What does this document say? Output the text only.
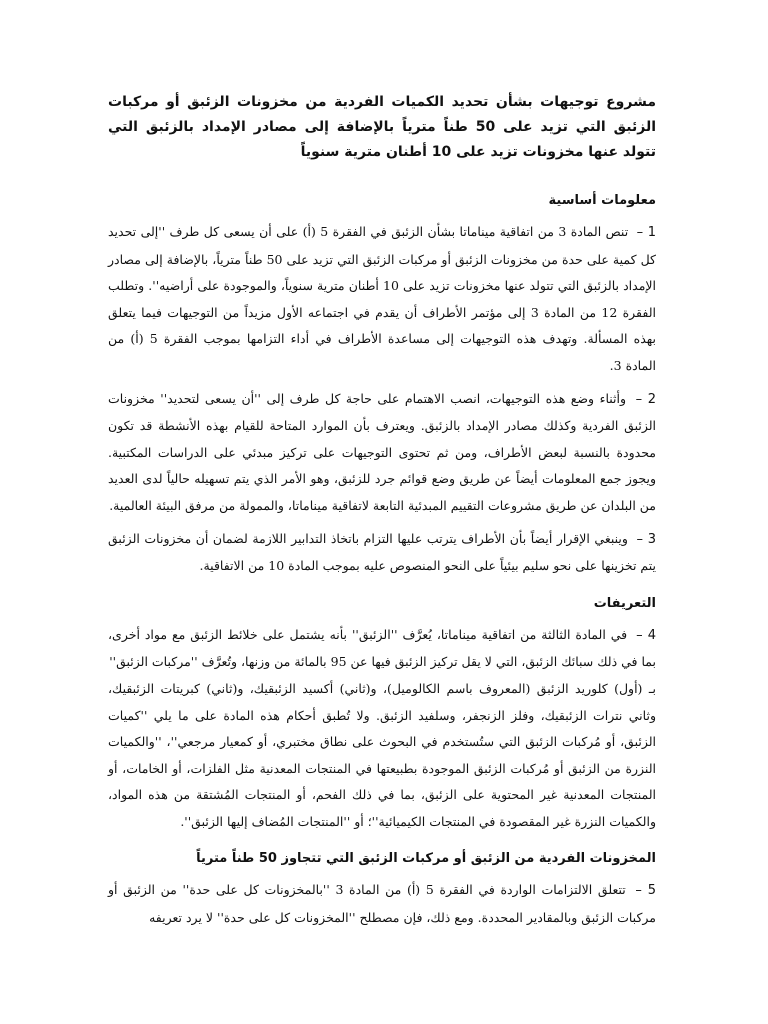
مشروع توجيهات بشأن تحديد الكميات الفردية من مخزونات الزئبق أو مركبات الزئبق التي تزيد على 50 طناً مترياً بالإضافة إلى مصادر الإمداد بالزئبق التي تتولد عنها مخزونات تزيد على 10 أطنان مترية سنوياً
معلومات أساسية

1 – تنص المادة 3 من اتفاقية ميناماتا بشأن الزئبق في الفقرة 5 (أ) على أن يسعى كل طرف ''إلى تحديد كل كمية على حدة من مخزونات الزئبق أو مركبات الزئبق التي تزيد على 50 طناً مترياً، بالإضافة إلى مصادر الإمداد بالزئبق التي تتولد عنها مخزونات تزيد على 10 أطنان مترية سنوياً، والموجودة على أراضيه''. وتطلب الفقرة 12 من المادة 3 إلى مؤتمر الأطراف أن يقدم في اجتماعه الأول مزيداً من التوجيهات فيما يتعلق بهذه المسألة. وتهدف هذه التوجيهات إلى مساعدة الأطراف في أداء التزامها بموجب الفقرة 5 (أ) من المادة 3.

2 – وأثناء وضع هذه التوجيهات، انصب الاهتمام على حاجة كل طرف إلى ''أن يسعى لتحديد'' مخزونات الزئبق الفردية وكذلك مصادر الإمداد بالزئبق. ويعترف بأن الموارد المتاحة للقيام بهذه الأنشطة قد تكون محدودة بالنسبة لبعض الأطراف، ومن ثم تحتوى التوجيهات على تركيز مبدئي على الدراسات المكتبية. ويجوز جمع المعلومات أيضاً عن طريق وضع قوائم جرد للزئبق، وهو الأمر الذي يتم تسهيله حالياً لدى العديد من البلدان عن طريق مشروعات التقييم المبدئية التابعة لاتفاقية ميناماتا، والممولة من مرفق البيئة العالمية.

3 – وينبغي الإقرار أيضاً بأن الأطراف يترتب عليها التزام باتخاذ التدابير اللازمة لضمان أن مخزونات الزئبق يتم تخزينها على نحو سليم بيئياً على النحو المنصوص عليه بموجب المادة 10 من الاتفاقية.

التعريفات

4 – في المادة الثالثة من اتفاقية ميناماتا، يُعرَّف ''الزئبق'' بأنه يشتمل على خلائط الزئبق مع مواد أخرى، بما في ذلك سبائك الزئبق، التي لا يقل تركيز الزئبق فيها عن 95 بالمائة من وزنها، وتُعرَّف ''مركبات الزئبق''

بـ (أول) كلوريد الزئبق (المعروف باسم الكالوميل)، و(ثاني) أكسيد الزئبقيك، و(ثاني) كبريتات الزئبقيك، وثاني نترات الزئبقيك، وفلز الزنجفر، وسلفيد الزئبق. ولا تُطبق أحكام هذه المادة على ما يلي ''كميات الزئبق، أو مُركبات الزئبق التي ستُستخدم في البحوث على نطاق مختبري، أو كمعيار مرجعي''، ''والكميات النزرة من الزئبق أو مُركبات الزئبق الموجودة بطبيعتها في المنتجات المعدنية مثل الفلزات، أو الخامات، أو المنتجات المعدنية غير المحتوية على الزئبق، بما في ذلك الفحم، أو المنتجات المُشتقة من هذه المواد، والكميات النزرة غير المقصودة في المنتجات الكيميائية''؛ أو ''المنتجات المُضاف إليها الزئبق''.

المخزونات الفردية من الزئبق أو مركبات الزئبق التي تتجاوز 50 طناً مترياً

5 – تتعلق الالتزامات الواردة في الفقرة 5 (أ) من المادة 3 ''بالمخزونات كل على حدة'' من الزئبق أو مركبات الزئبق وبالمقادير المحددة. ومع ذلك، فإن مصطلح ''المخزونات كل على حدة'' لا يرد تعريفه
